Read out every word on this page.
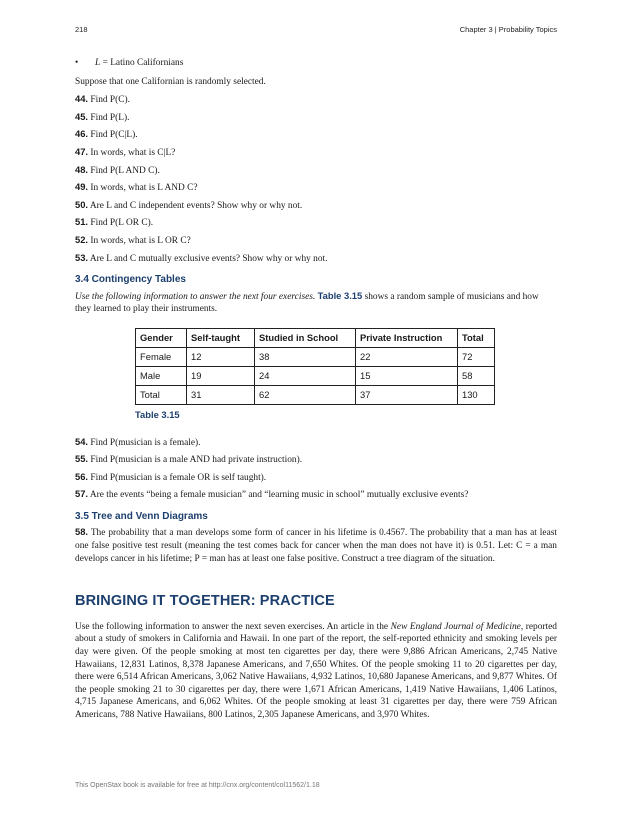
218	Chapter 3 | Probability Topics
• L = Latino Californians

Suppose that one Californian is randomly selected.

44. Find P(C).

45. Find P(L).

46. Find P(C|L).

47. In words, what is C|L?

48. Find P(L AND C).

49. In words, what is L AND C?

50. Are L and C independent events? Show why or why not.

51. Find P(L OR C).

52. In words, what is L OR C?

53. Are L and C mutually exclusive events? Show why or why not.

3.4 Contingency Tables

Use the following information to answer the next four exercises. Table 3.15 shows a random sample of musicians and how they learned to play their instruments.

Gender	Self-taught	Studied in School	Private Instruction	Total
Female	12	38	22	72
Male	19	24	15	58
Total	31	62	37	130
Table 3.15

54. Find P(musician is a female).

55. Find P(musician is a male AND had private instruction).

56. Find P(musician is a female OR is self taught).

57. Are the events “being a female musician” and “learning music in school” mutually exclusive events?

3.5 Tree and Venn Diagrams

58. The probability that a man develops some form of cancer in his lifetime is 0.4567. The probability that a man has at least one false positive test result (meaning the test comes back for cancer when the man does not have it) is 0.51. Let: C = a man develops cancer in his lifetime; P = man has at least one false positive. Construct a tree diagram of the situation.

BRINGING IT TOGETHER: PRACTICE

Use the following information to answer the next seven exercises. An article in the New England Journal of Medicine, reported about a study of smokers in California and Hawaii. In one part of the report, the self-reported ethnicity and smoking levels per day were given. Of the people smoking at most ten cigarettes per day, there were 9,886 African Americans, 2,745 Native Hawaiians, 12,831 Latinos, 8,378 Japanese Americans, and 7,650 Whites. Of the people smoking 11 to 20 cigarettes per day, there were 6,514 African Americans, 3,062 Native Hawaiians, 4,932 Latinos, 10,680 Japanese Americans, and 9,877 Whites. Of the people smoking 21 to 30 cigarettes per day, there were 1,671 African Americans, 1,419 Native Hawaiians, 1,406 Latinos, 4,715 Japanese Americans, and 6,062 Whites. Of the people smoking at least 31 cigarettes per day, there were 759 African Americans, 788 Native Hawaiians, 800 Latinos, 2,305 Japanese Americans, and 3,970 Whites.

This OpenStax book is available for free at http://cnx.org/content/col11562/1.18
